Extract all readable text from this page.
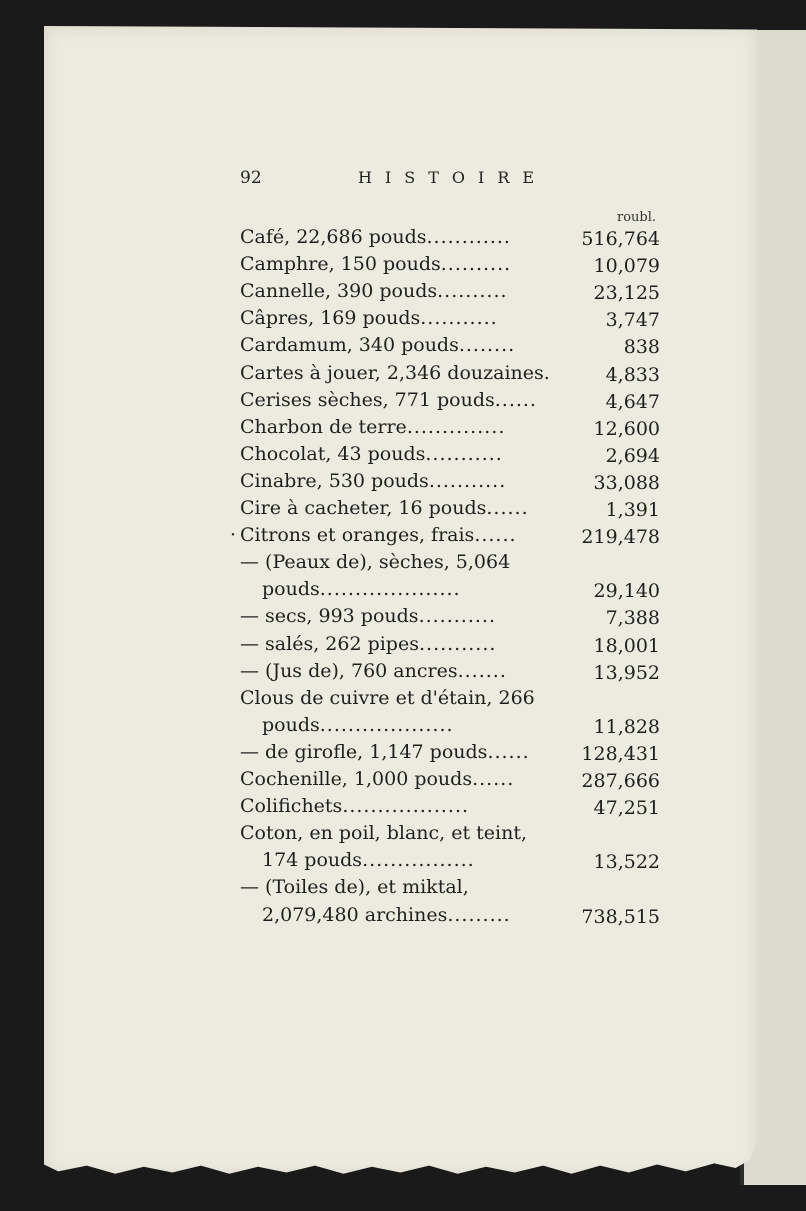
92	HISTOIRE
roubl.
Café, 22,686 pouds............	516,764
Camphre, 150 pouds..........	10,079
Cannelle, 390 pouds..........	23,125
Câpres, 169 pouds...........	3,747
Cardamum, 340 pouds........	838
Cartes à jouer, 2,346 douzaines.	4,833
Cerises sèches, 771 pouds......	4,647
Charbon de terre..............	12,600
Chocolat, 43 pouds...........	2,694
Cinabre, 530 pouds...........	33,088
Cire à cacheter, 16 pouds......	1,391
Citrons et oranges, frais......	219,478
·
— (Peaux de), sèches, 5,064
pouds....................	29,140
— secs, 993 pouds...........	7,388
— salés, 262 pipes...........	18,001
— (Jus de), 760 ancres.......	13,952
Clous de cuivre et d'étain, 266
pouds...................	11,828
— de girofle, 1,147 pouds......	128,431
Cochenille, 1,000 pouds......	287,666
Colifichets..................	47,251
Coton, en poil, blanc, et teint,
174 pouds................	13,522
— (Toiles de), et miktal,
2,079,480 archines.........	738,515
